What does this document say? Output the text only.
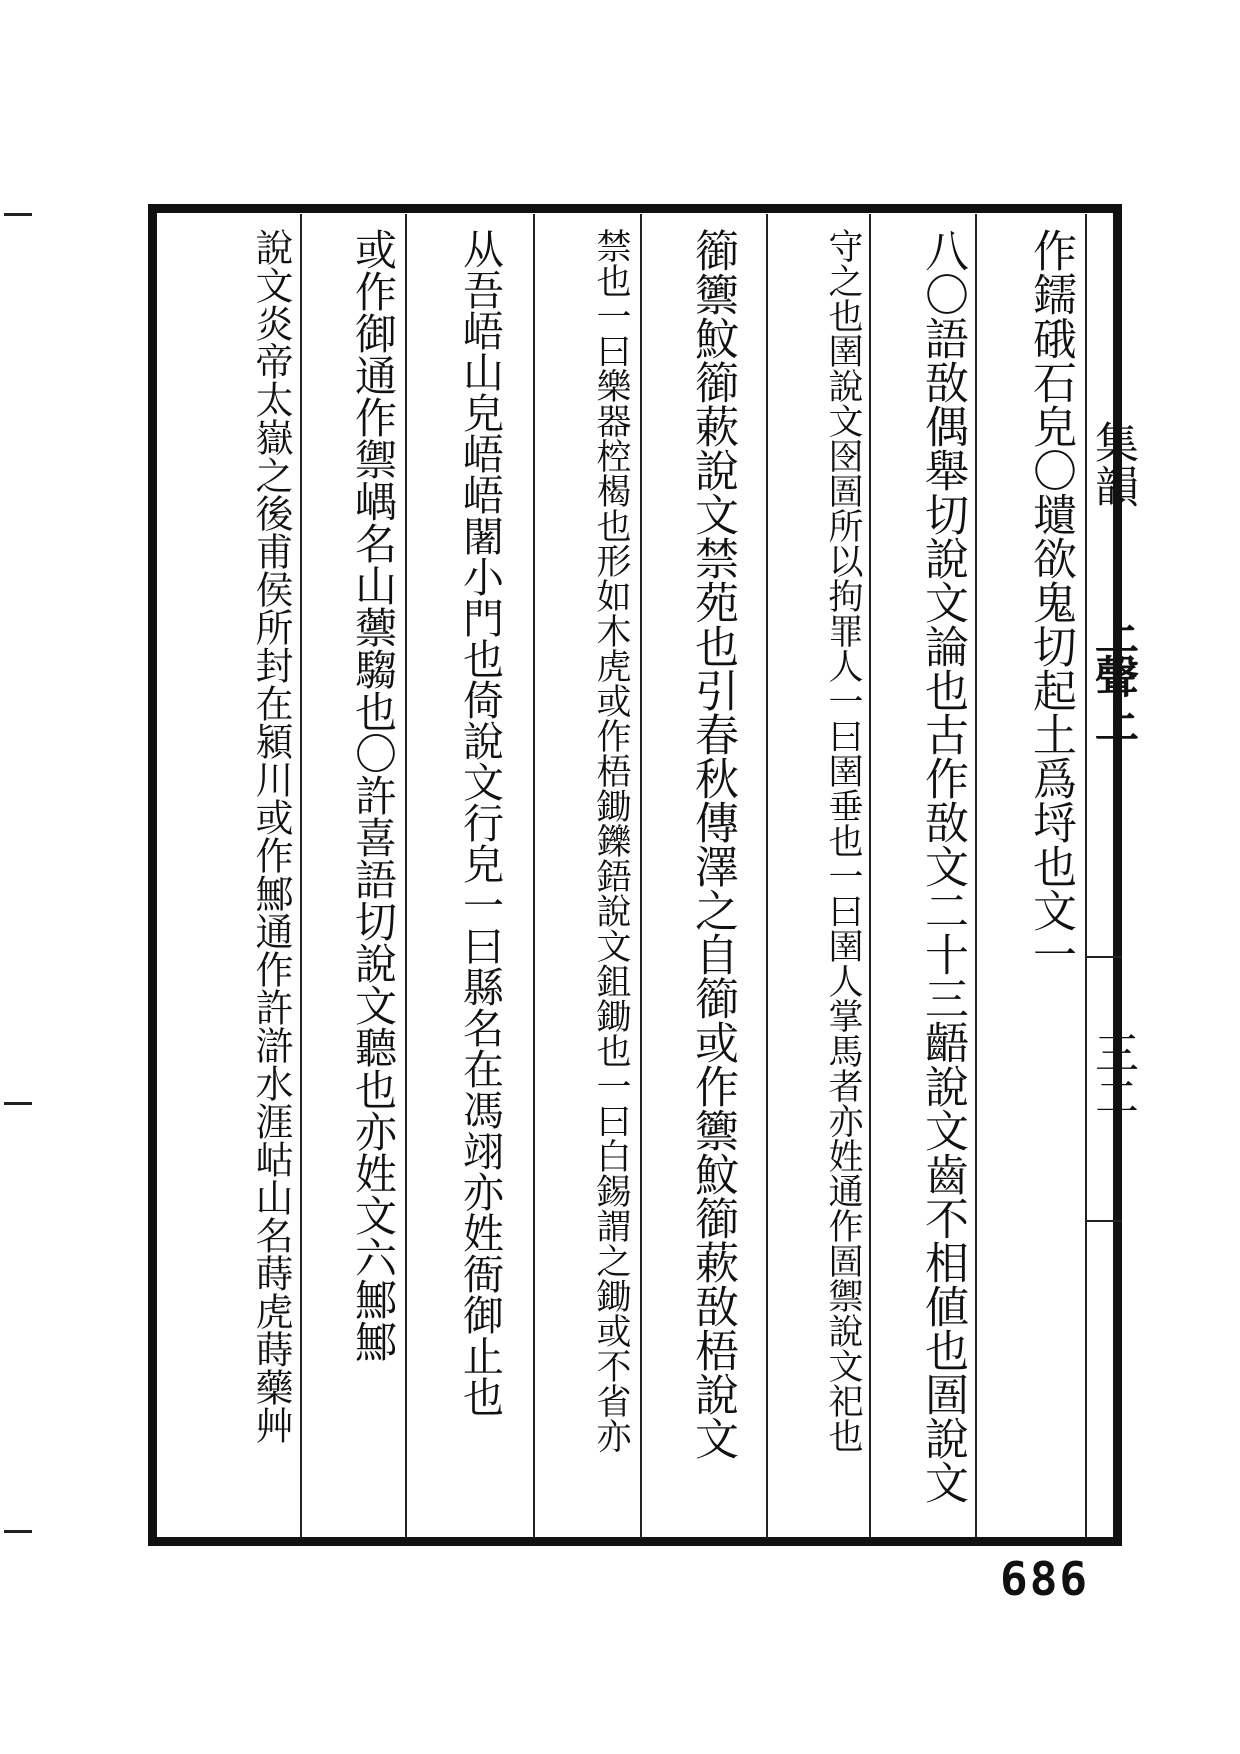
集韻
上聲上
三二
作鑐硪石皃〇壝欲鬼切起土爲埒也文一
八〇語敔偶舉切說文論也古作敔文二十三齬說文齒不相値也圄說文
守之也圉說文囹圄所以拘罪人一曰圉垂也一曰圉人掌馬者亦姓通作圄禦說文祀也
篽籞魰篽蔌說文禁苑也引春秋傳澤之自篽或作籞魰篽蔌敔梧說文
禁也一曰樂器椌楬也形如木虎或作梧鋤鑠鋙說文鉏鋤也一曰白錫謂之鋤或不省亦
从吾峿山皃峿峿闍小門也倚說文行皃一曰縣名在馮翊亦姓衙御止也
或作御通作禦嵎名山蘌騶也〇許喜語切說文聽也亦姓文六鄦鄦
說文炎帝太嶽之後甫侯所封在潁川或作鄦通作許滸水涯岵山名蒔虎蒔藥艸
686
